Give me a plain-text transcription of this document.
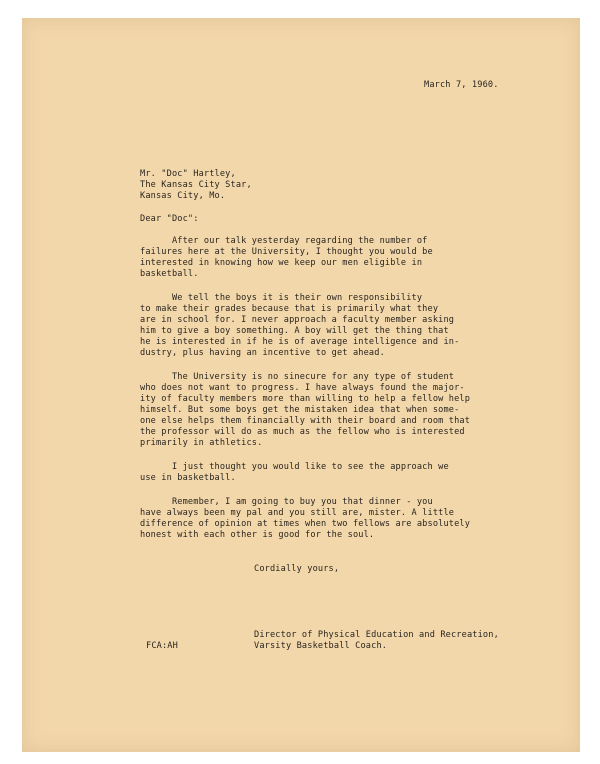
March 7, 1960.
Mr. "Doc" Hartley,
The Kansas City Star,
Kansas City, Mo.
Dear "Doc":
After our talk yesterday regarding the number of
failures here at the University, I thought you would be
interested in knowing how we keep our men eligible in
basketball.
We tell the boys it is their own responsibility
to make their grades because that is primarily what they
are in school for. I never approach a faculty member asking
him to give a boy something. A boy will get the thing that
he is interested in if he is of average intelligence and in-
dustry, plus having an incentive to get ahead.
The University is no sinecure for any type of student
who does not want to progress. I have always found the major-
ity of faculty members more than willing to help a fellow help
himself. But some boys get the mistaken idea that when some-
one else helps them financially with their board and room that
the professor will do as much as the fellow who is interested
primarily in athletics.
I just thought you would like to see the approach we
use in basketball.
Remember, I am going to buy you that dinner - you
have always been my pal and you still are, mister. A little
difference of opinion at times when two fellows are absolutely
honest with each other is good for the soul.
Cordially yours,
Director of Physical Education and Recreation,
Varsity Basketball Coach.
FCA:AH
